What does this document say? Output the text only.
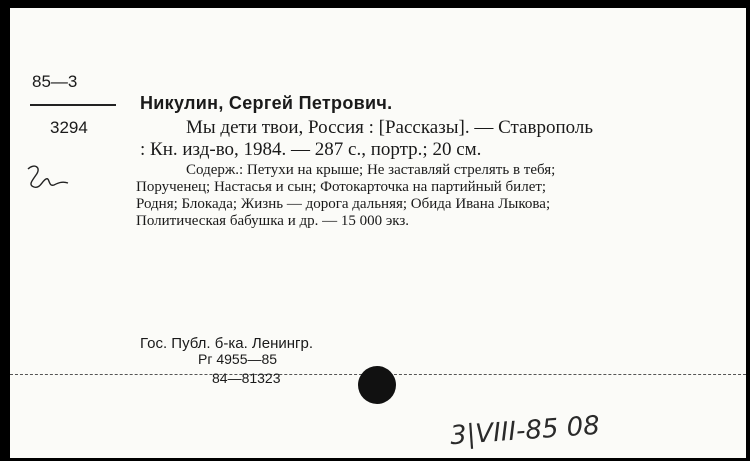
85—3
3294
Никулин, Сергей Петрович.
Мы дети твои, Россия : [Рассказы]. — Ставрополь
: Кн. изд-во, 1984. — 287 с., портр.; 20 см.
Содерж.: Петухи на крыше; Не заставляй стрелять в тебя;
Порученец; Настасья и сын; Фотокарточка на партийный билет;
Родня; Блокада; Жизнь — дорога дальняя; Обида Ивана Лыкова;
Политическая бабушка и др. — 15 000 экз.
Гос. Публ. б-ка. Ленингр.
Рг 4955—85
84—81323
3|VIII-85 08
